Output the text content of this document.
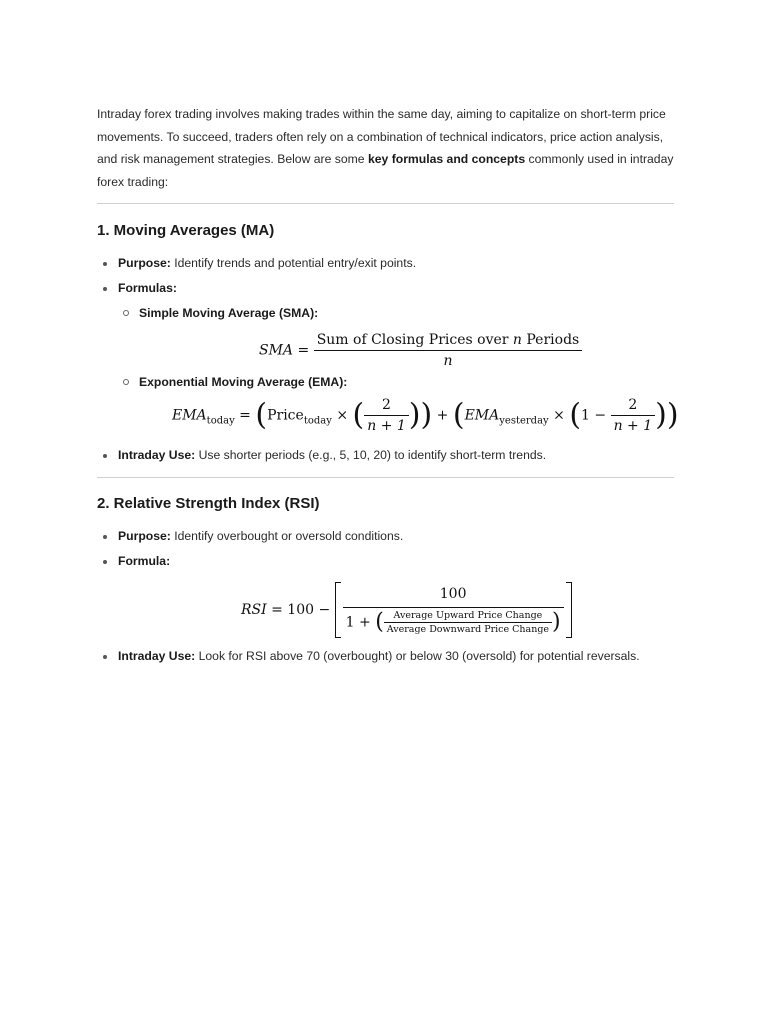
Intraday forex trading involves making trades within the same day, aiming to capitalize on short-term price movements. To succeed, traders often rely on a combination of technical indicators, price action analysis, and risk management strategies. Below are some key formulas and concepts commonly used in intraday forex trading:

1. Moving Averages (MA)
Purpose: Identify trends and potential entry/exit points.
Formulas:
Simple Moving Average (SMA):
SMA = $\frac{\text{Sum of Closing Prices over n Periods}}{n}$
Exponential Moving Average (EMA):
$EMA_{today}$ = (Price$_{today}$ × ( $\frac{2}{n + 1}$ )) + ($EMA_{yesterday} \times (1 - \frac{2}{n + 1}$ ))
Intraday Use: Use shorter periods (e.g., 5, 10, 20) to identify short-term trends.
2. Relative Strength Index (RSI)
Purpose: Identify overbought or oversold conditions.
Formula:
RSI = 100 −
100
1 + ( $\frac{\text{Average Upward Price Change}}{\text{Average Downward Price Change}}$ )
Intraday Use: Look for RSI above 70 (overbought) or below 30 (oversold) for potential reversals.
